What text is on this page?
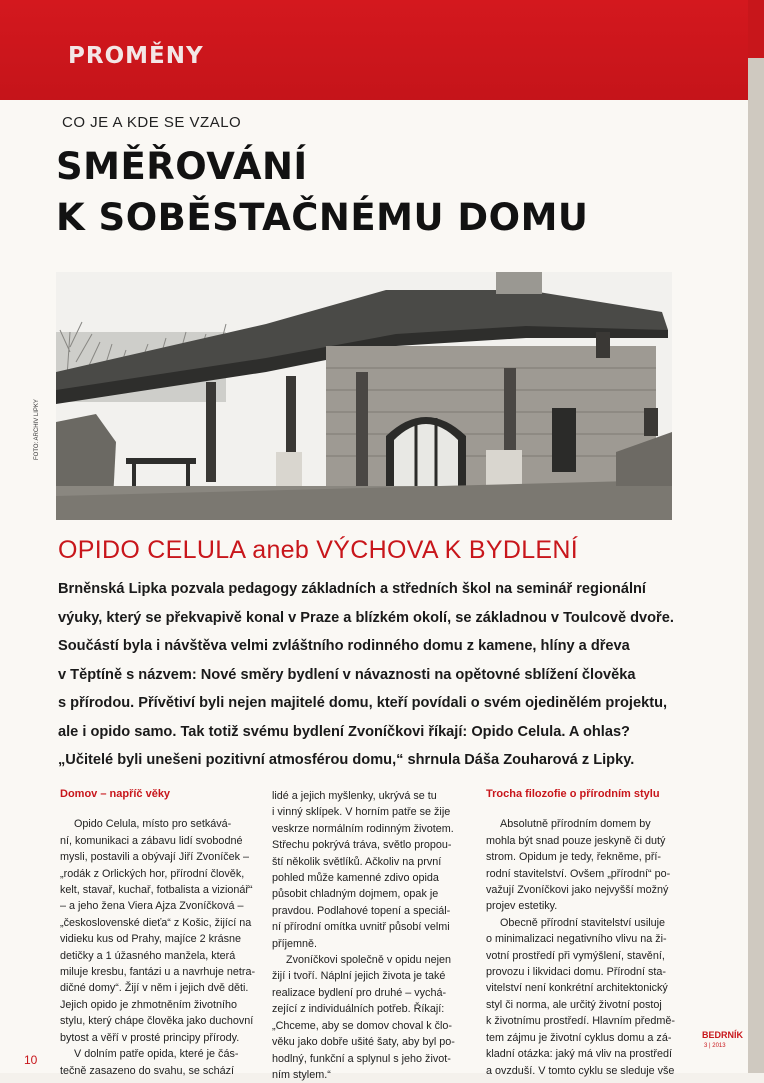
PROMĚNY
CO JE A KDE SE VZALO
SMĚŘOVÁNÍ
K SOBĚSTAČNÉMU DOMU
FOTO: ARCHIV LIPKY
OPIDO CELULA aneb VÝCHOVA K BYDLENÍ
Brněnská Lipka pozvala pedagogy základních a středních škol na seminář regionální
výuky, který se překvapivě konal v Praze a blízkém okolí, se základnou v Toulcově dvoře.
Součástí byla i návštěva velmi zvláštního rodinného domu z kamene, hlíny a dřeva
v Těptíně s názvem: Nové směry bydlení v návaznosti na opětovné sblížení člověka
s přírodou. Přívětiví byli nejen majitelé domu, kteří povídali o svém ojedinělém projektu,
ale i opido samo. Tak totiž svému bydlení Zvoníčkovi říkají: Opido Celula. A ohlas?
„Učitelé byli unešeni pozitivní atmosférou domu,“ shrnula Dáša Zouharová z Lipky.
Domov – napříč věky
Opido Celula, místo pro setkává-
ní, komunikaci a zábavu lidí svobodné
mysli, postavili a obývají Jiří Zvoníček –
„rodák z Orlických hor, přírodní člověk,
kelt, stavař, kuchař, fotbalista a vizionář“
– a jeho žena Viera Ajza Zvoníčková –
„československé dieťa“ z Košic, žijící na
vidieku kus od Prahy, majíce 2 krásne
detičky a 1 úžasného manžela, která
miluje kresbu, fantázi u a navrhuje netra-
dičné domy“. Žijí v něm i jejich dvě děti.
Jejich opido je zhmotněním životního
stylu, který chápe člověka jako duchovní
bytost a věří v prosté principy přírody.
V dolním patře opida, které je čás-
tečně zasazeno do svahu, se schází
lidé a jejich myšlenky, ukrývá se tu
i vinný sklípek. V horním patře se žije
veskrze normálním rodinným životem.
Střechu pokrývá tráva, světlo propou-
ští několik světlíků. Ačkoliv na první
pohled může kamenné zdivo opida
působit chladným dojmem, opak je
pravdou. Podlahové topení a speciál-
ní přírodní omítka uvnitř působí velmi
příjemně.
Zvoníčkovi společně v opidu nejen
žijí i tvoří. Náplní jejich života je také
realizace bydlení pro druhé – vychá-
zející z individuálních potřeb. Říkají:
„Chceme, aby se domov choval k člo-
věku jako dobře ušité šaty, aby byl po-
hodlný, funkční a splynul s jeho život-
ním stylem.“
Trocha filozofie o přírodním stylu
Absolutně přírodním domem by
mohla být snad pouze jeskyně či dutý
strom. Opidum je tedy, řekněme, pří-
rodní stavitelství. Ovšem „přírodní“ po-
važují Zvoníčkovi jako nejvyšší možný
projev estetiky.
Obecně přírodní stavitelství usiluje
o minimalizaci negativního vlivu na ži-
votní prostředí při vymýšlení, stavění,
provozu i likvidaci domu. Přírodní sta-
vitelství není konkrétní architektonický
styl či norma, ale určitý životní postoj
k životnímu prostředí. Hlavním předmě-
tem zájmu je životní cyklus domu a zá-
kladní otázka: jaký má vliv na prostředí
a ovzduší. V tomto cyklu se sleduje vše
10
BEDRNÍK
3 | 2013
